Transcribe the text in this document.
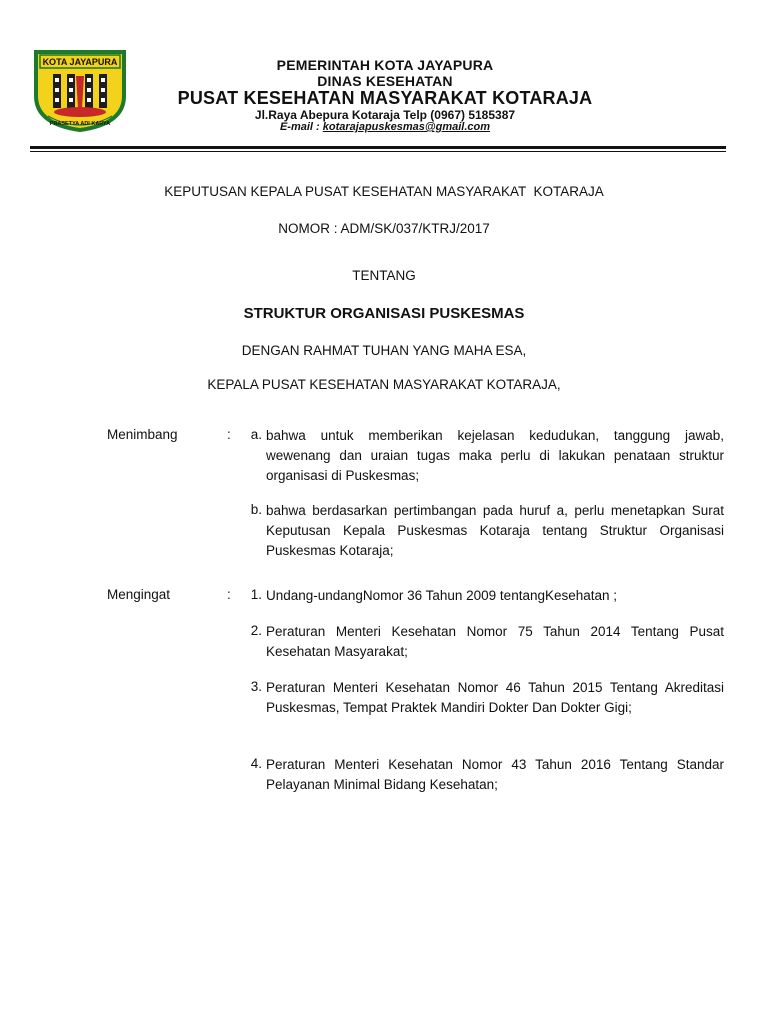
KOTA JAYAPURA
PRASETYA ADI KARYA
PEMERINTAH KOTA JAYAPURA
DINAS KESEHATAN
PUSAT KESEHATAN MASYARAKAT KOTARAJA
Jl.Raya Abepura Kotaraja Telp (0967) 5185387
E-mail : kotarajapuskesmas@gmail.com
KEPUTUSAN KEPALA PUSAT KESEHATAN MASYARAKAT  KOTARAJA
NOMOR : ADM/SK/037/KTRJ/2017
TENTANG
STRUKTUR ORGANISASI PUSKESMAS
DENGAN RAHMAT TUHAN YANG MAHA ESA,
KEPALA PUSAT KESEHATAN MASYARAKAT KOTARAJA,
Menimbang	:	a. bahwa untuk memberikan kejelasan kedudukan, tanggung jawab, wewenang dan uraian tugas maka perlu di lakukan penataan struktur organisasi di Puskesmas;
b. bahwa berdasarkan pertimbangan pada huruf a, perlu menetapkan Surat Keputusan Kepala Puskesmas Kotaraja tentang Struktur Organisasi Puskesmas Kotaraja;
Mengingat	:	1. Undang-undangNomor 36 Tahun 2009 tentangKesehatan ;
2. Peraturan Menteri Kesehatan Nomor 75 Tahun 2014 Tentang Pusat Kesehatan Masyarakat;
3. Peraturan Menteri Kesehatan Nomor 46 Tahun 2015 Tentang Akreditasi Puskesmas, Tempat Praktek Mandiri Dokter Dan Dokter Gigi;
4. Peraturan Menteri Kesehatan Nomor 43 Tahun 2016 Tentang Standar Pelayanan Minimal Bidang Kesehatan;
